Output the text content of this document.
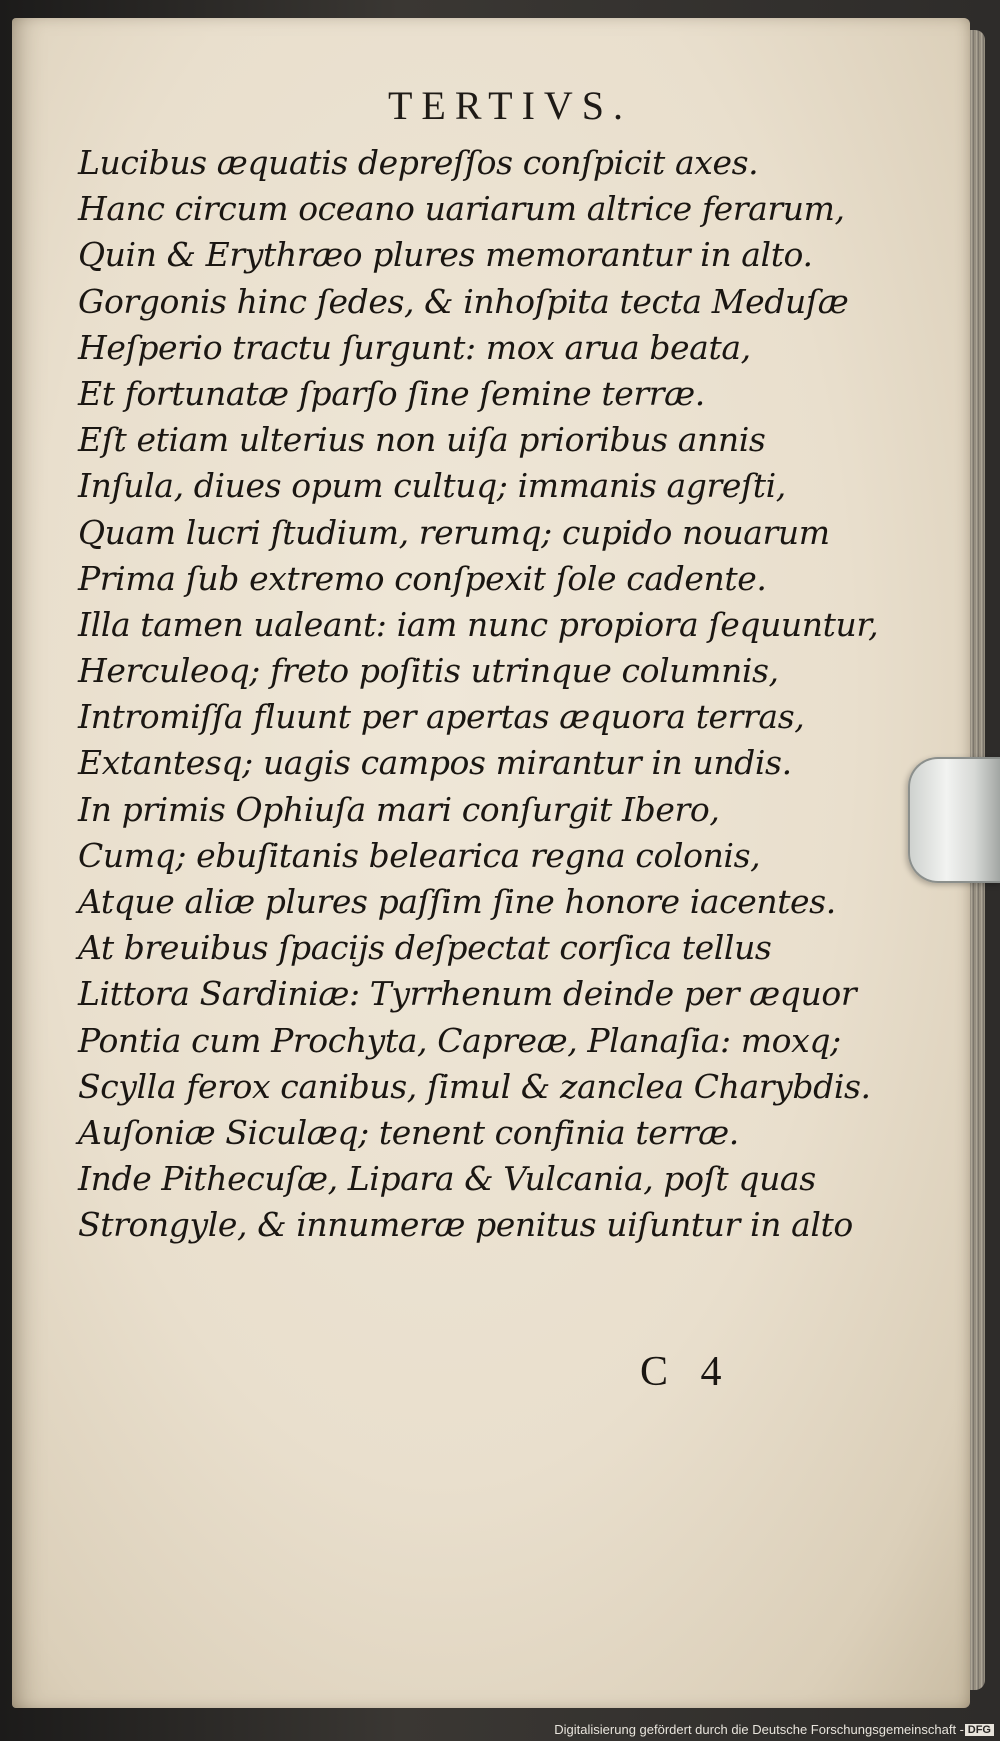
TERTIVS.
Lucibus æquatis depreſſos conſpicit axes.
Hanc circum oceano uariarum altrice ferarum,
Quin & Erythræo plures memorantur in alto.
Gorgonis hinc ſedes, & inhoſpita tecta Meduſæ
Heſperio tractu ſurgunt: mox arua beata,
Et fortunatæ ſparſo ſine ſemine terræ.
Eſt etiam ulterius non uiſa prioribus annis
Inſula, diues opum cultuq; immanis agreſti,
Quam lucri ſtudium, rerumq; cupido nouarum
Prima ſub extremo conſpexit ſole cadente.
Illa tamen ualeant: iam nunc propiora ſequuntur,
Herculeoq; freto poſitis utrinque columnis,
Intromiſſa fluunt per apertas æquora terras,
Extantesq; uagis campos mirantur in undis.
In primis Ophiuſa mari conſurgit Ibero,
Cumq; ebuſitanis belearica regna colonis,
Atque aliæ plures paſſim ſine honore iacentes.
At breuibus ſpacijs deſpectat corſica tellus
Littora Sardiniæ: Tyrrhenum deinde per æquor
Pontia cum Prochyta, Capreæ, Planaſia: moxq;
Scylla ferox canibus, ſimul & zanclea Charybdis.
Auſoniæ Siculæq; tenent confinia terræ.
Inde Pithecuſæ, Lipara & Vulcania, poſt quas
Strongyle, & innumeræ penitus uiſuntur in alto
C 4
Digitalisierung gefördert durch die Deutsche Forschungsgemeinschaft - DFG
